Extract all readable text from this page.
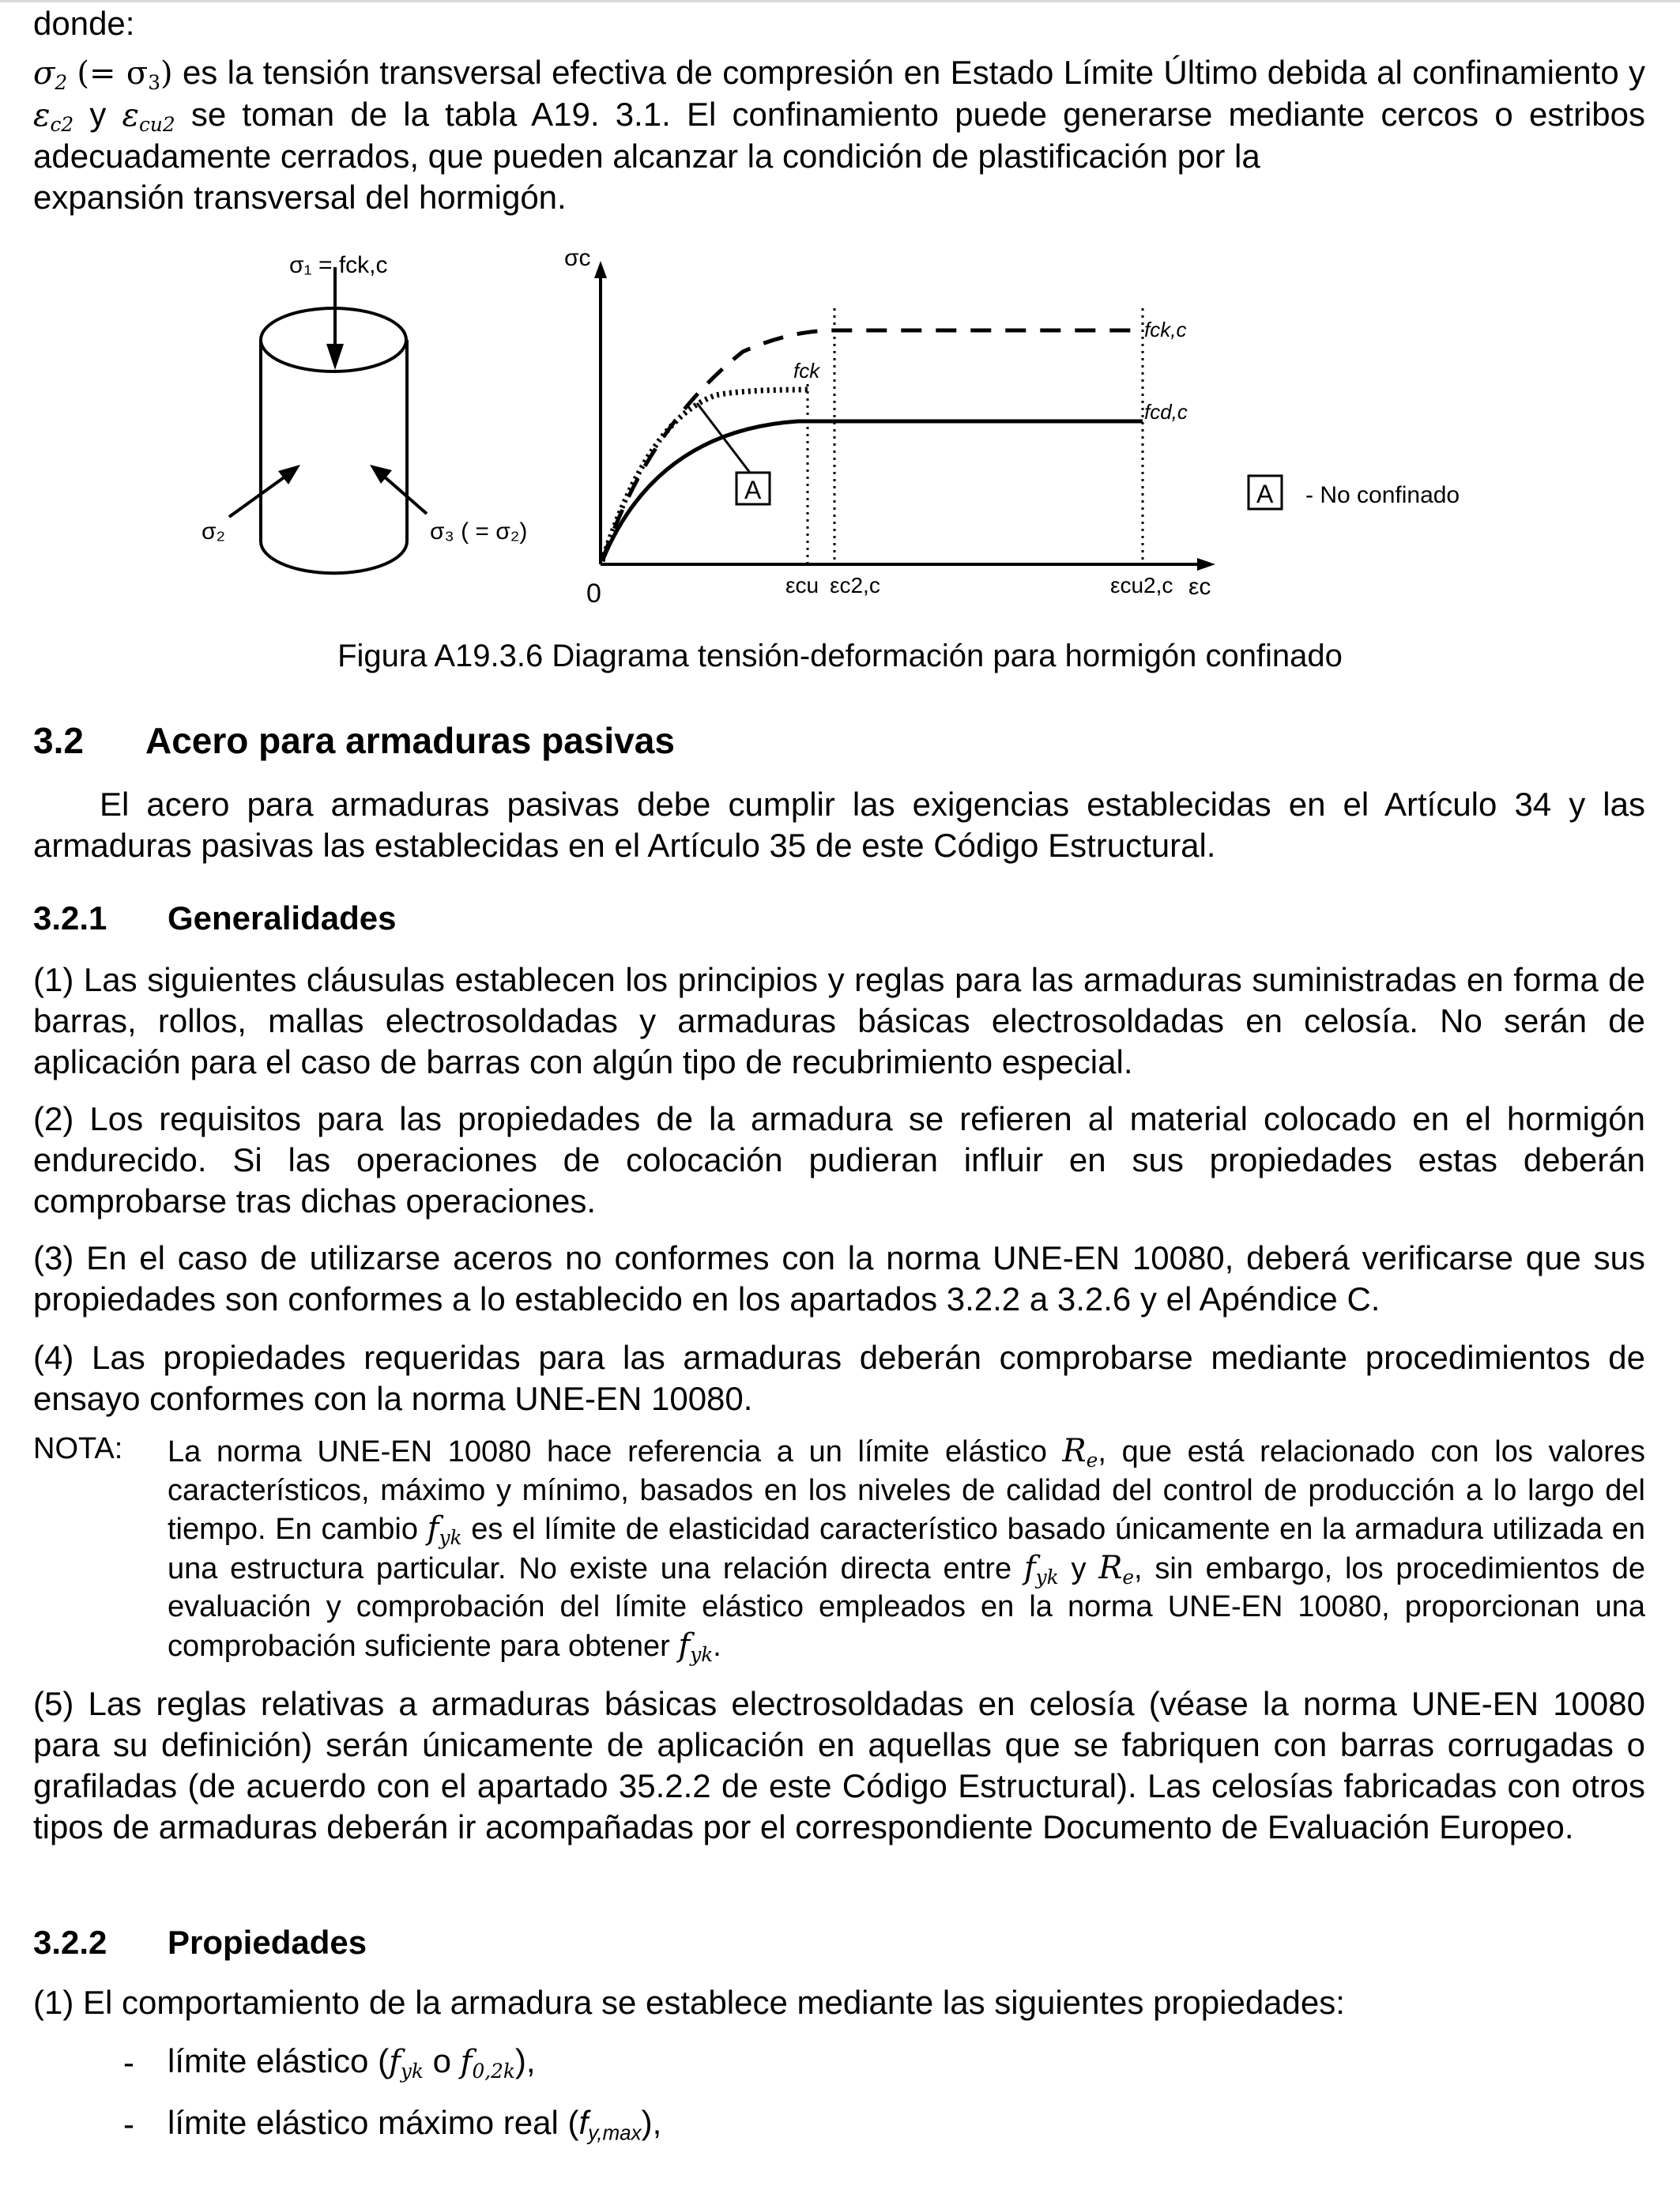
donde:

$\sigma_2$ (= $\sigma_3$) es la tensión transversal efectiva de compresión en Estado Límite Último debida al confinamiento y $\varepsilon_{c2}$ y $\varepsilon_{cu2}$ se toman de la tabla A19. 3.1. El confinamiento puede generarse mediante cercos o estribos adecuadamente cerrados, que pueden alcanzar la condición de plastificación por la
expansión transversal del hormigón.

σ₁ = fck,c
σ₂	σ₃ ( = σ₂)
σc
εc
0
fck,c
fcd,c
fck
A
εcu εc2,c	εcu2,c
A - No confinado

Figura A19.3.6 Diagrama tensión-deformación para hormigón confinado

3.2 Acero para armaduras pasivas

El acero para armaduras pasivas debe cumplir las exigencias establecidas en el Artículo 34 y las armaduras pasivas las establecidas en el Artículo 35 de este Código Estructural.

3.2.1 Generalidades

(1) Las siguientes cláusulas establecen los principios y reglas para las armaduras suministradas en forma de barras, rollos, mallas electrosoldadas y armaduras básicas electrosoldadas en celosía. No serán de aplicación para el caso de barras con algún tipo de recubrimiento especial.

(2) Los requisitos para las propiedades de la armadura se refieren al material colocado en el hormigón endurecido. Si las operaciones de colocación pudieran influir en sus propiedades estas deberán comprobarse tras dichas operaciones.

(3) En el caso de utilizarse aceros no conformes con la norma UNE-EN 10080, deberá verificarse que sus propiedades son conformes a lo establecido en los apartados 3.2.2 a 3.2.6 y el Apéndice C.

(4) Las propiedades requeridas para las armaduras deberán comprobarse mediante procedimientos de ensayo conformes con la norma UNE-EN 10080.

NOTA: La norma UNE-EN 10080 hace referencia a un límite elástico $R_e$, que está relacionado con los valores característicos, máximo y mínimo, basados en los niveles de calidad del control de producción a lo largo del tiempo. En cambio $f_{yk}$ es el límite de elasticidad característico basado únicamente en la armadura utilizada en una estructura particular. No existe una relación directa entre $f_{yk}$ y $R_e$, sin embargo, los procedimientos de evaluación y comprobación del límite elástico empleados en la norma UNE-EN 10080, proporcionan una comprobación suficiente para obtener $f_{yk}$.

(5) Las reglas relativas a armaduras básicas electrosoldadas en celosía (véase la norma UNE-EN 10080 para su definición) serán únicamente de aplicación en aquellas que se fabriquen con barras corrugadas o grafiladas (de acuerdo con el apartado 35.2.2 de este Código Estructural). Las celosías fabricadas con otros tipos de armaduras deberán ir acompañadas por el correspondiente Documento de Evaluación Europeo.

3.2.2 Propiedades

(1) El comportamiento de la armadura se establece mediante las siguientes propiedades:

- límite elástico ($f_{yk}$ o $f_{0,2k}$),
- límite elástico máximo real $(f_{y,max})$,
